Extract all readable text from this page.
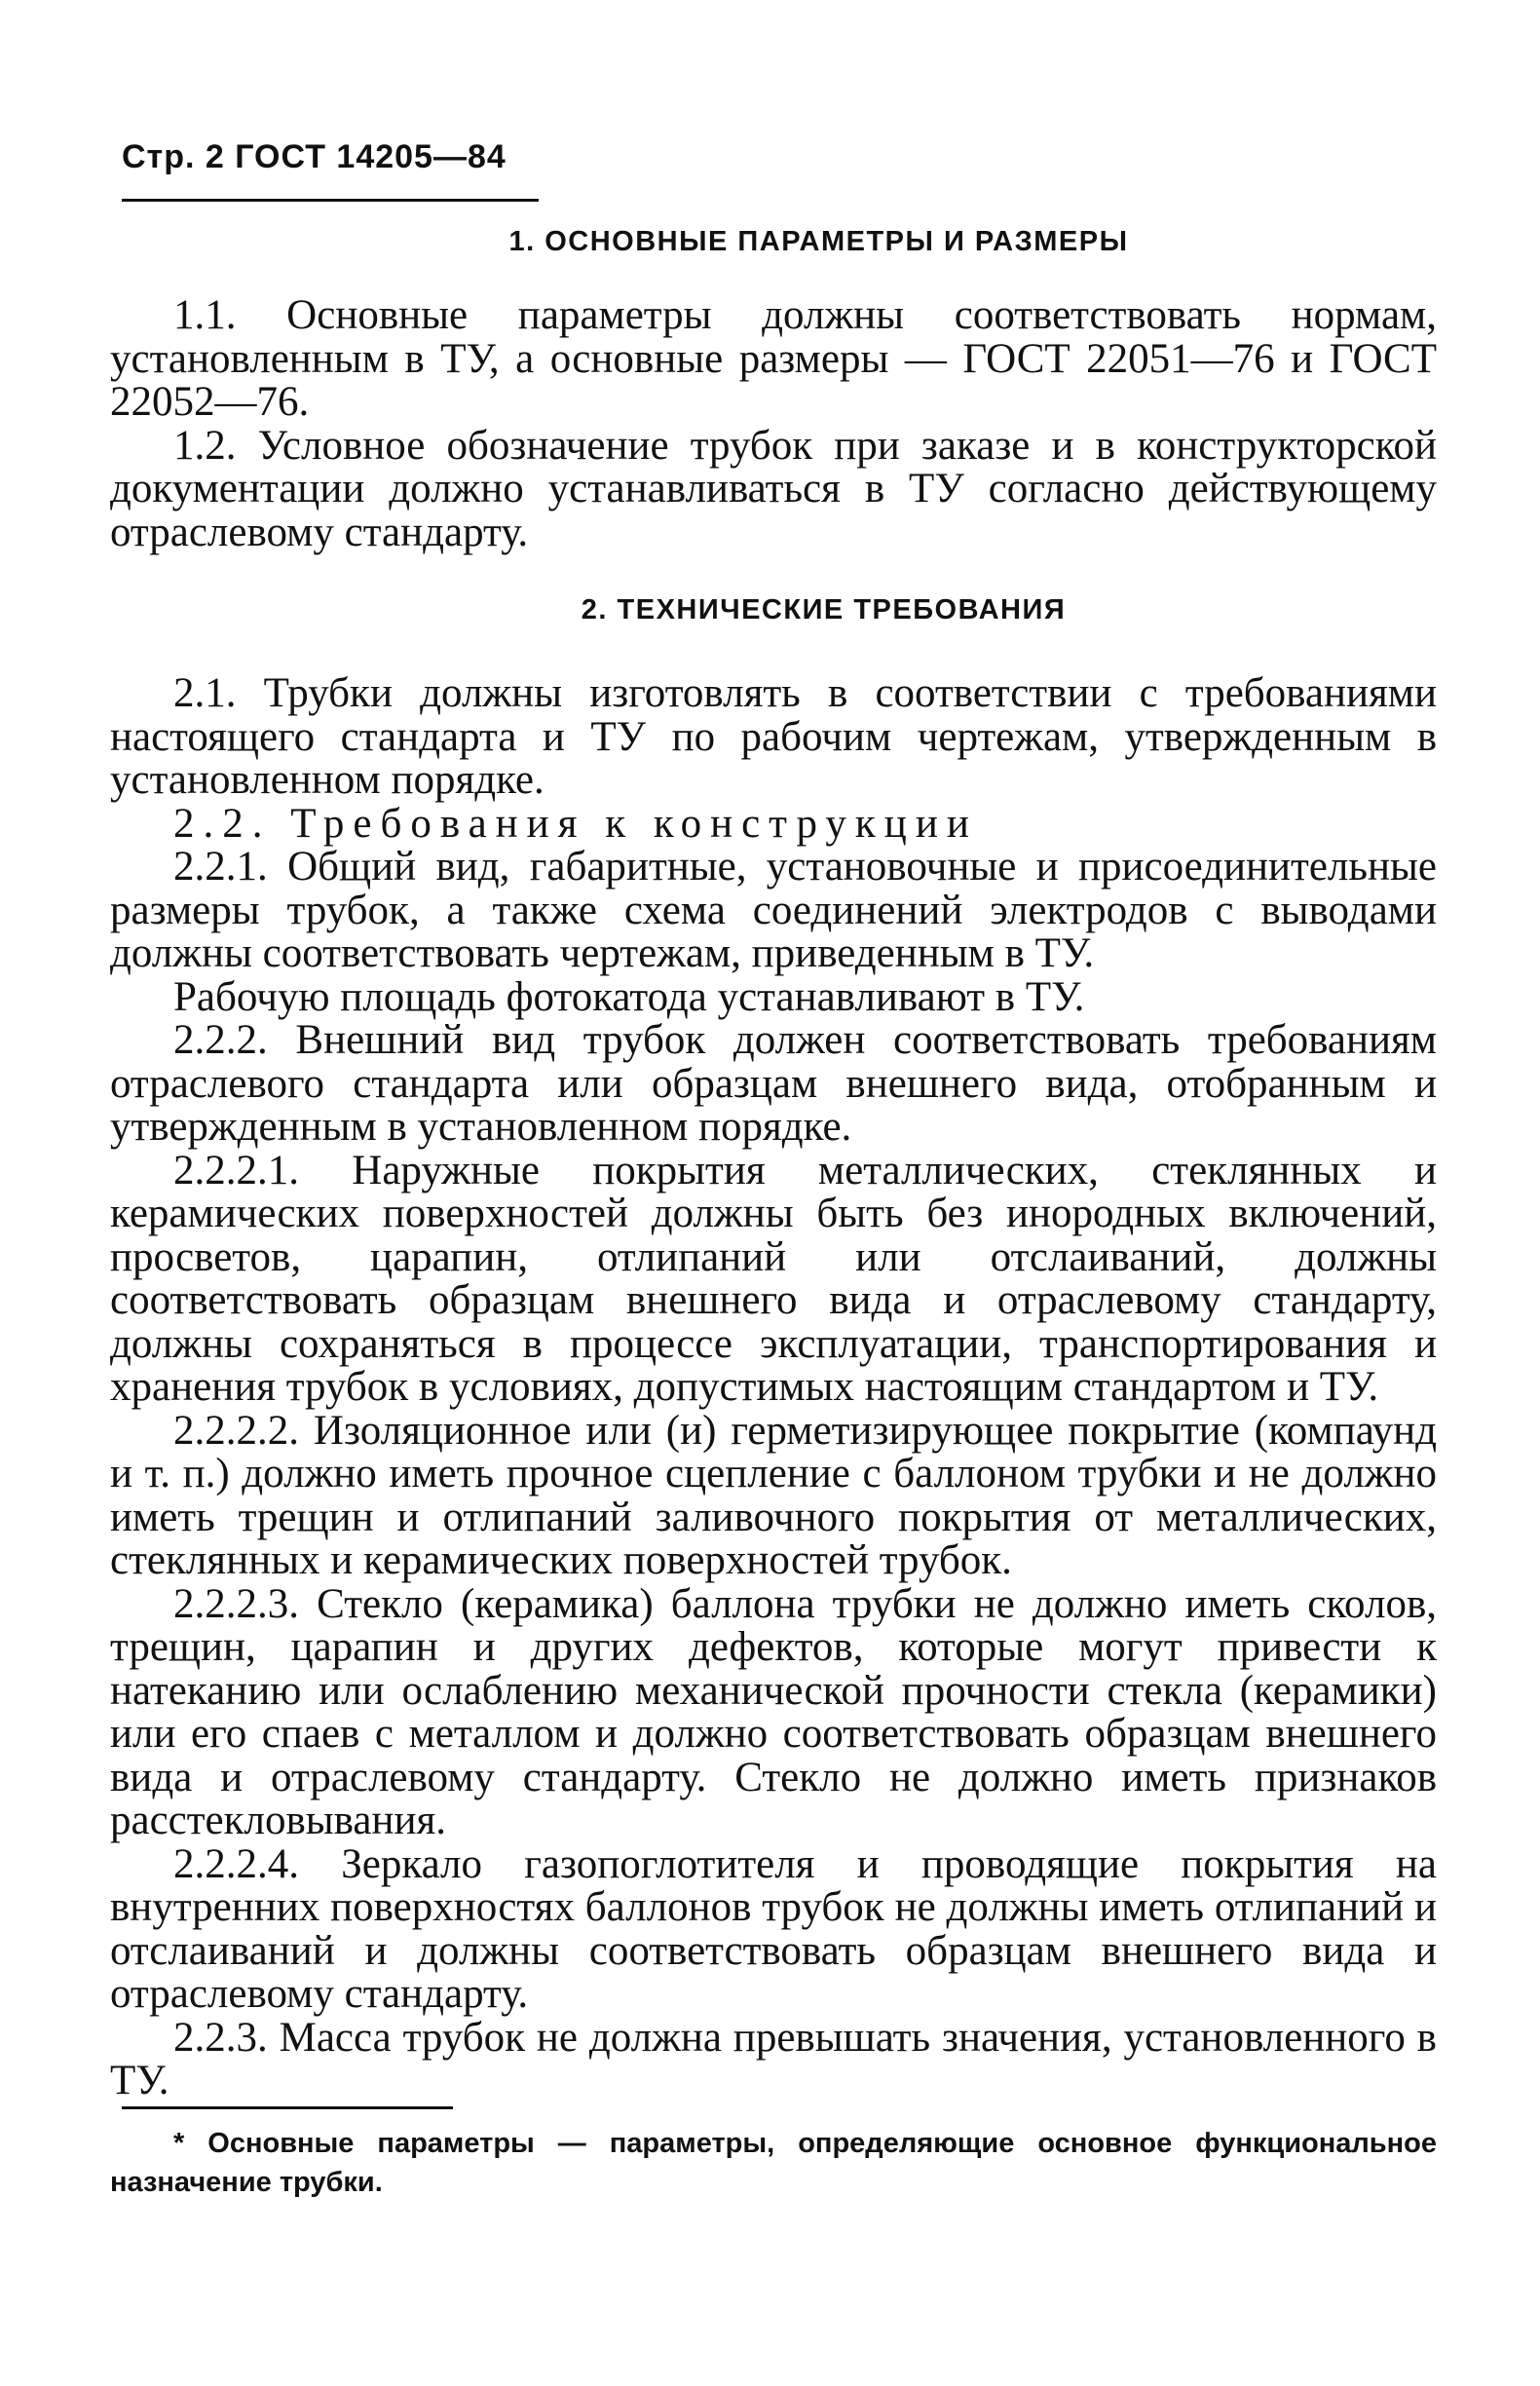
Стр. 2 ГОСТ 14205—84
1. ОСНОВНЫЕ ПАРАМЕТРЫ И РАЗМЕРЫ

1.1. Основные параметры должны соответствовать нормам, установленным в ТУ, а основные размеры — ГОСТ 22051—76 и ГОСТ 22052—76.

1.2. Условное обозначение трубок при заказе и в конструкторской документации должно устанавливаться в ТУ согласно действующему отраслевому стандарту.

2. ТЕХНИЧЕСКИЕ ТРЕБОВАНИЯ

2.1. Трубки должны изготовлять в соответствии с требованиями настоящего стандарта и ТУ по рабочим чертежам, утвержденным в установленном порядке.

2.2. Требования к конструкции

2.2.1. Общий вид, габаритные, установочные и присоединительные размеры трубок, а также схема соединений электродов с выводами должны соответствовать чертежам, приведенным в ТУ.

Рабочую площадь фотокатода устанавливают в ТУ.

2.2.2. Внешний вид трубок должен соответствовать требованиям отраслевого стандарта или образцам внешнего вида, отобранным и утвержденным в установленном порядке.

2.2.2.1. Наружные покрытия металлических, стеклянных и керамических поверхностей должны быть без инородных включений, просветов, царапин, отлипаний или отслаиваний, должны соответствовать образцам внешнего вида и отраслевому стандарту, должны сохраняться в процессе эксплуатации, транспортирования и хранения трубок в условиях, допустимых настоящим стандартом и ТУ.

2.2.2.2. Изоляционное или (и) герметизирующее покрытие (компаунд и т. п.) должно иметь прочное сцепление с баллоном трубки и не должно иметь трещин и отлипаний заливочного покрытия от металлических, стеклянных и керамических поверхностей трубок.

2.2.2.3. Стекло (керамика) баллона трубки не должно иметь сколов, трещин, царапин и других дефектов, которые могут привести к натеканию или ослаблению механической прочности стекла (керамики) или его спаев с металлом и должно соответствовать образцам внешнего вида и отраслевому стандарту. Стекло не должно иметь признаков расстекловывания.

2.2.2.4. Зеркало газопоглотителя и проводящие покрытия на внутренних поверхностях баллонов трубок не должны иметь отлипаний и отслаиваний и должны соответствовать образцам внешнего вида и отраслевому стандарту.

2.2.3. Масса трубок не должна превышать значения, установленного в ТУ.

* Основные параметры — параметры, определяющие основное функциональное назначение трубки.
